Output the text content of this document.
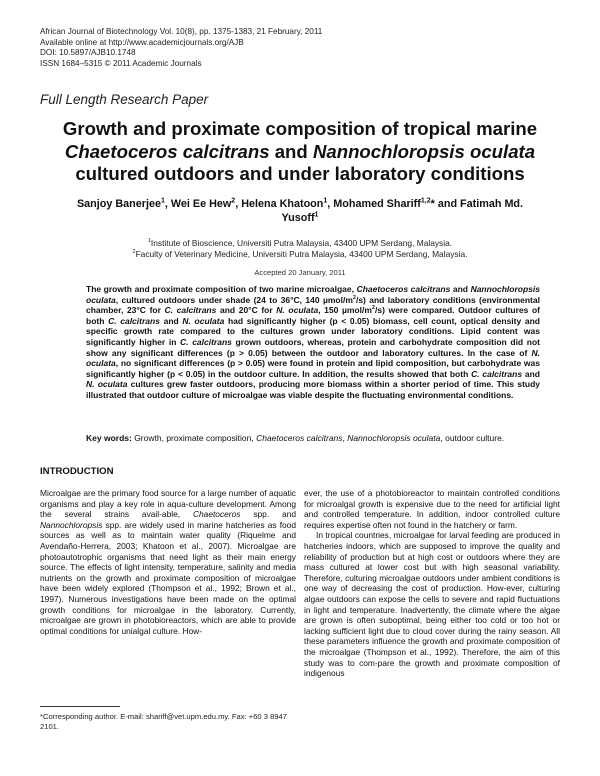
African Journal of Biotechnology Vol. 10(8), pp. 1375-1383, 21 February, 2011
Available online at http://www.academicjournals.org/AJB
DOI: 10.5897/AJB10.1748
ISSN 1684–5315 © 2011 Academic Journals
Full Length Research Paper
Growth and proximate composition of tropical marine
Chaetoceros calcitrans and Nannochloropsis oculata
cultured outdoors and under laboratory conditions
Sanjoy Banerjee$^1$, Wei Ee Hew$^2$, Helena Khatoon$^1$, Mohamed Shariff$^{1,2}$* and Fatimah Md. Yusoff$^1$
$^1$Institute of Bioscience, Universiti Putra Malaysia, 43400 UPM Serdang, Malaysia.
$^2$Faculty of Veterinary Medicine, Universiti Putra Malaysia, 43400 UPM Serdang, Malaysia.
Accepted 20 January, 2011
The growth and proximate composition of two marine microalgae, Chaetoceros calcitrans and Nannochloropsis oculata, cultured outdoors under shade (24 to 36°C, 140 µmol/$m^2/s$) and laboratory conditions (environmental chamber, 23°C for C. calcitrans and 20°C for N. oculata, 150 µmol/$m^2/s$) were compared. Outdoor cultures of both C. calcitrans and N. oculata had significantly higher (p < 0.05) biomass, cell count, optical density and specific growth rate compared to the cultures grown under laboratory conditions. Lipid content was significantly higher in C. calcitrans grown outdoors, whereas, protein and carbohydrate composition did not show any significant differences (p > 0.05) between the outdoor and laboratory cultures. In the case of N. oculata, no significant differences (p > 0.05) were found in protein and lipid composition, but carbohydrate was significantly higher (p < 0.05) in the outdoor culture. In addition, the results showed that both C. calcitrans and N. oculata cultures grew faster outdoors, producing more biomass within a shorter period of time. This study illustrated that outdoor culture of microalgae was viable despite the fluctuating environmental conditions.
Key words: Growth, proximate composition, Chaetoceros calcitrans, Nannochloropsis oculata, outdoor culture.
INTRODUCTION

Microalgae are the primary food source for a large number of aquatic organisms and play a key role in aqua-culture development. Among the several strains avail-able, Chaetoceros spp. and Nannochloropsis spp. are widely used in marine hatcheries as food sources as well as to maintain water quality (Riquelme and Avendaño-Herrera, 2003; Khatoon et al., 2007). Microalgae are photoautotrophic organisms that need light as their main energy source. The effects of light intensity, temperature, salinity and media nutrients on the growth and proximate composition of microalgae have been widely explored (Thompson et al., 1992; Brown et al., 1997). Numerous investigations have been made on the optimal growth conditions for microalgae in the laboratory. Currently, microalgae are grown in photobioreactors, which are able to provide optimal conditions for unialgal culture. How-

ever, the use of a photobioreactor to maintain controlled conditions for microalgal growth is expensive due to the need for artificial light and controlled temperature. In addition, indoor controlled culture requires expertise often not found in the hatchery or farm.

In tropical countries, microalgae for larval feeding are produced in hatcheries indoors, which are supposed to improve the quality and reliability of production but at high cost or outdoors where they are mass cultured at lower cost but with high seasonal variability. Therefore, culturing microalgae outdoors under ambient conditions is one way of decreasing the cost of production. How-ever, culturing algae outdoors can expose the cells to severe and rapid fluctuations in light and temperature. Inadvertently, the climate where the algae are grown is often suboptimal, being either too cold or too hot or lacking sufficient light due to cloud cover during the rainy season. All these parameters influence the growth and proximate composition of the microalgae (Thompson et al., 1992). Therefore, the aim of this study was to com-pare the growth and proximate composition of indigenous

*Corresponding author. E-mail: shariff@vet.upm.edu.my. Fax: +60 3 8947 2101.
